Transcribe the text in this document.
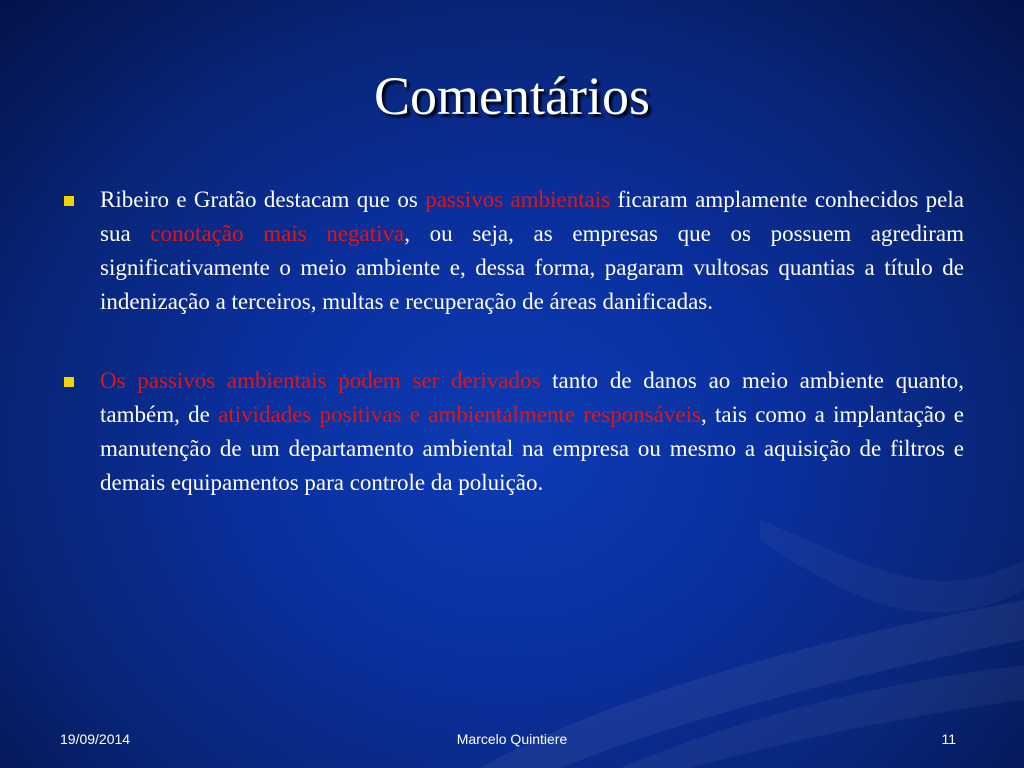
Comentários
Ribeiro e Gratão destacam que os passivos ambientais ficaram amplamente conhecidos pela sua conotação mais negativa, ou seja, as empresas que os possuem agrediram significativamente o meio ambiente e, dessa forma, pagaram vultosas quantias a título de indenização a terceiros, multas e recuperação de áreas danificadas.
Os passivos ambientais podem ser derivados tanto de danos ao meio ambiente quanto, também, de atividades positivas e ambientalmente responsáveis, tais como a implantação e manutenção de um departamento ambiental na empresa ou mesmo a aquisição de filtros e demais equipamentos para controle da poluição.
19/09/2014	Marcelo Quintiere	11
